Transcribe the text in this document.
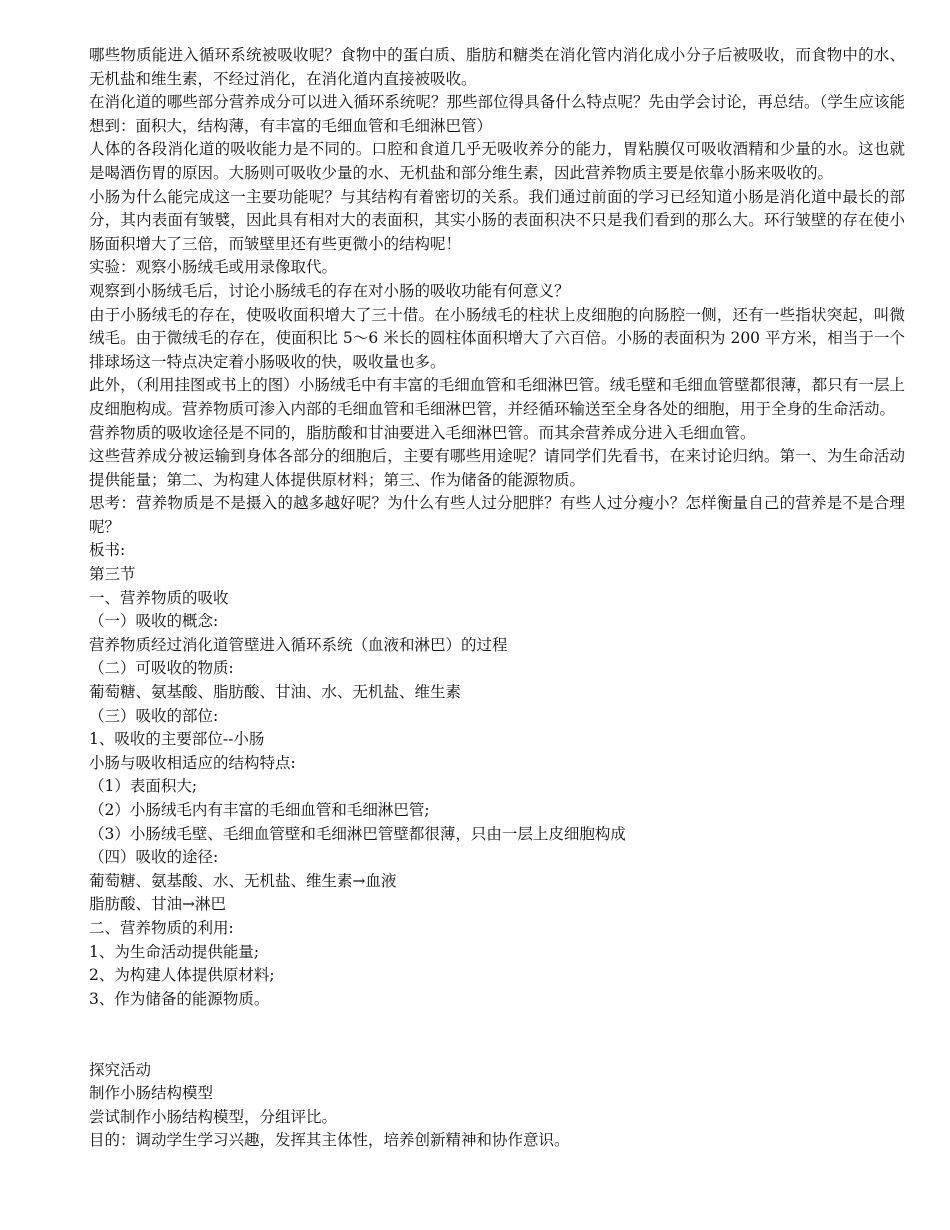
哪些物质能进入循环系统被吸收呢？食物中的蛋白质、脂肪和糖类在消化管内消化成小分子后被吸收，而食物中的水、无机盐和维生素，不经过消化，在消化道内直接被吸收。

在消化道的哪些部分营养成分可以进入循环系统呢？那些部位得具备什么特点呢？先由学会讨论，再总结。（学生应该能想到：面积大，结构薄，有丰富的毛细血管和毛细淋巴管）

人体的各段消化道的吸收能力是不同的。口腔和食道几乎无吸收养分的能力，胃粘膜仅可吸收酒精和少量的水。这也就是喝酒伤胃的原因。大肠则可吸收少量的水、无机盐和部分维生素，因此营养物质主要是依靠小肠来吸收的。

小肠为什么能完成这一主要功能呢？与其结构有着密切的关系。我们通过前面的学习已经知道小肠是消化道中最长的部分，其内表面有皱襞，因此具有相对大的表面积，其实小肠的表面积决不只是我们看到的那么大。环行皱壁的存在使小肠面积增大了三倍，而皱壁里还有些更微小的结构呢！

实验：观察小肠绒毛或用录像取代。

观察到小肠绒毛后，讨论小肠绒毛的存在对小肠的吸收功能有何意义？

由于小肠绒毛的存在，使吸收面积增大了三十借。在小肠绒毛的柱状上皮细胞的向肠腔一侧，还有一些指状突起，叫微绒毛。由于微绒毛的存在，使面积比 5～6 米长的圆柱体面积增大了六百倍。小肠的表面积为 200 平方米，相当于一个排球场这一特点决定着小肠吸收的快，吸收量也多。

此外，（利用挂图或书上的图）小肠绒毛中有丰富的毛细血管和毛细淋巴管。绒毛壁和毛细血管壁都很薄，都只有一层上皮细胞构成。营养物质可渗入内部的毛细血管和毛细淋巴管，并经循环输送至全身各处的细胞，用于全身的生命活动。

营养物质的吸收途径是不同的，脂肪酸和甘油要进入毛细淋巴管。而其余营养成分进入毛细血管。

这些营养成分被运输到身体各部分的细胞后，主要有哪些用途呢？请同学们先看书，在来讨论归纳。第一、为生命活动提供能量；第二、为构建人体提供原材料；第三、作为储备的能源物质。

思考：营养物质是不是摄入的越多越好呢？为什么有些人过分肥胖？有些人过分瘦小？怎样衡量自己的营养是不是合理呢？

板书:

第三节

一、营养物质的吸收

（一）吸收的概念:

营养物质经过消化道管壁进入循环系统（血液和淋巴）的过程

（二）可吸收的物质:

葡萄糖、氨基酸、脂肪酸、甘油、水、无机盐、维生素

（三）吸收的部位:

1、吸收的主要部位--小肠

小肠与吸收相适应的结构特点:

（1）表面积大;

（2）小肠绒毛内有丰富的毛细血管和毛细淋巴管;

（3）小肠绒毛壁、毛细血管壁和毛细淋巴管壁都很薄，只由一层上皮细胞构成

（四）吸收的途径:

葡萄糖、氨基酸、水、无机盐、维生素→血液

脂肪酸、甘油→淋巴

二、营养物质的利用:

1、为生命活动提供能量;

2、为构建人体提供原材料;

3、作为储备的能源物质。

探究活动

制作小肠结构模型

尝试制作小肠结构模型，分组评比。

目的：调动学生学习兴趣，发挥其主体性，培养创新精神和协作意识。
